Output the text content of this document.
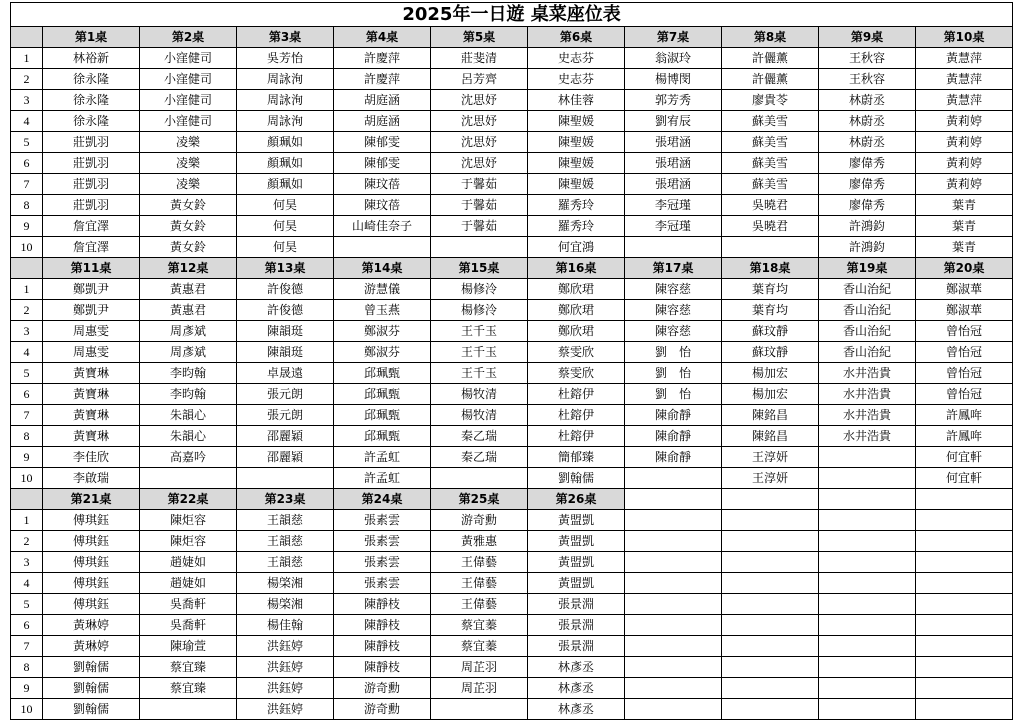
2025年一日遊 桌菜座位表										
	第1桌	第2桌	第3桌	第4桌	第5桌	第6桌	第7桌	第8桌	第9桌	第10桌
1	林裕新	小窪健司	吳芳怡	許慶萍	莊斐清	史志芬	翁淑玲	許儷薰	王秋容	黃慧萍
2	徐永隆	小窪健司	周詠洵	許慶萍	呂芳齊	史志芬	楊博閔	許儷薰	王秋容	黃慧萍
3	徐永隆	小窪健司	周詠洵	胡庭涵	沈思妤	林佳蓉	郭芳秀	廖貴苓	林蔚丞	黃慧萍
4	徐永隆	小窪健司	周詠洵	胡庭涵	沈思妤	陳聖媛	劉宥辰	蘇美雪	林蔚丞	黃莉婷
5	莊凱羽	凌樂	顏珮如	陳郁雯	沈思妤	陳聖媛	張珺涵	蘇美雪	林蔚丞	黃莉婷
6	莊凱羽	凌樂	顏珮如	陳郁雯	沈思妤	陳聖媛	張珺涵	蘇美雪	廖偉秀	黃莉婷
7	莊凱羽	凌樂	顏珮如	陳玟蓓	于馨茹	陳聖媛	張珺涵	蘇美雪	廖偉秀	黃莉婷
8	莊凱羽	黃女鈴	何昊	陳玟蓓	于馨茹	羅秀玲	李冠瑾	吳曉君	廖偉秀	葉青
9	詹宜澤	黃女鈴	何昊	山崎佳奈子	于馨茹	羅秀玲	李冠瑾	吳曉君	許鴻鈞	葉青
10	詹宜澤	黃女鈴	何昊			何宜鴻			許鴻鈞	葉青
	第11桌	第12桌	第13桌	第14桌	第15桌	第16桌	第17桌	第18桌	第19桌	第20桌
1	鄭凱尹	黃惠君	許俊德	游慧儀	楊修泠	鄭欣珺	陳容慈	葉育均	香山治紀	鄭淑華
2	鄭凱尹	黃惠君	許俊德	曾玉燕	楊修泠	鄭欣珺	陳容慈	葉育均	香山治紀	鄭淑華
3	周惠雯	周彥斌	陳韻珽	鄭淑芬	王千玉	鄭欣珺	陳容慈	蘇玟靜	香山治紀	曾怡冠
4	周惠雯	周彥斌	陳韻珽	鄭淑芬	王千玉	蔡雯欣	劉　怡	蘇玟靜	香山治紀	曾怡冠
5	黃寶琳	李昀翰	卓晟遠	邱珮甄	王千玉	蔡雯欣	劉　怡	楊加宏	水井浩貴	曾怡冠
6	黃寶琳	李昀翰	張元朗	邱珮甄	楊牧清	杜鎔伊	劉　怡	楊加宏	水井浩貴	曾怡冠
7	黃寶琳	朱韻心	張元朗	邱珮甄	楊牧清	杜鎔伊	陳俞靜	陳銘昌	水井浩貴	許鳳哖
8	黃寶琳	朱韻心	邵麗穎	邱珮甄	秦乙瑞	杜鎔伊	陳俞靜	陳銘昌	水井浩貴	許鳳哖
9	李佳欣	高嘉吟	邵麗穎	許孟虹	秦乙瑞	簡郁臻	陳俞靜	王淳妍		何宜軒
10	李啟瑞			許孟虹		劉翰儒		王淳妍		何宜軒
	第21桌	第22桌	第23桌	第24桌	第25桌	第26桌				
1	傅琪鈺	陳炬容	王韻慈	張素雲	游奇勳	黃盟凱				
2	傅琪鈺	陳炬容	王韻慈	張素雲	黃雅惠	黃盟凱				
3	傅琪鈺	趙婕如	王韻慈	張素雲	王偉藝	黃盟凱				
4	傅琪鈺	趙婕如	楊棨湘	張素雲	王偉藝	黃盟凱				
5	傅琪鈺	吳喬軒	楊棨湘	陳靜枝	王偉藝	張景淵				
6	黃琳婷	吳喬軒	楊佳翰	陳靜枝	蔡宜蓁	張景淵				
7	黃琳婷	陳瑜萱	洪鈺婷	陳靜枝	蔡宜蓁	張景淵				
8	劉翰儒	蔡宜臻	洪鈺婷	陳靜枝	周芷羽	林彥丞				
9	劉翰儒	蔡宜臻	洪鈺婷	游奇勳	周芷羽	林彥丞				
10	劉翰儒		洪鈺婷	游奇勳		林彥丞				
